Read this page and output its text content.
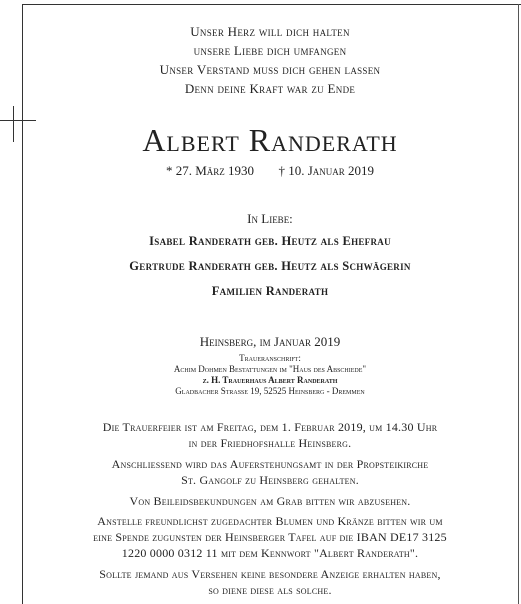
Unser Herz will dich halten
unsere Liebe dich umfangen
Unser Verstand muss dich gehen lassen
Denn deine Kraft war zu Ende
Albert Randerath
* 27. März 1930 † 10. Januar 2019
In Liebe:
Isabel Randerath geb. Heutz als Ehefrau
Gertrude Randerath geb. Heutz als Schwägerin
Familien Randerath
Heinsberg, im Januar 2019
Traueranschrift:
Achim Dohmen Bestattungen im "Haus des Abschiede"
z. H. Trauerhaus Albert Randerath
Gladbacher Strasse 19, 52525 Heinsberg - Dremmen
Die Trauerfeier ist am Freitag, dem 1. Februar 2019, um 14.30 Uhr
in der Friedhofshalle Heinsberg.
Anschliessend wird das Auferstehungsamt in der Propsteikirche
St. Gangolf zu Heinsberg gehalten.
Von Beileidsbekundungen am Grab bitten wir abzusehen.
Anstelle freundlichst zugedachter Blumen und Kränze bitten wir um
eine Spende zugunsten der Heinsberger Tafel auf die IBAN DE17 3125
1220 0000 0312 11 mit dem Kennwort "Albert Randerath".
Sollte jemand aus Versehen keine besondere Anzeige erhalten haben,
so diene diese als solche.
